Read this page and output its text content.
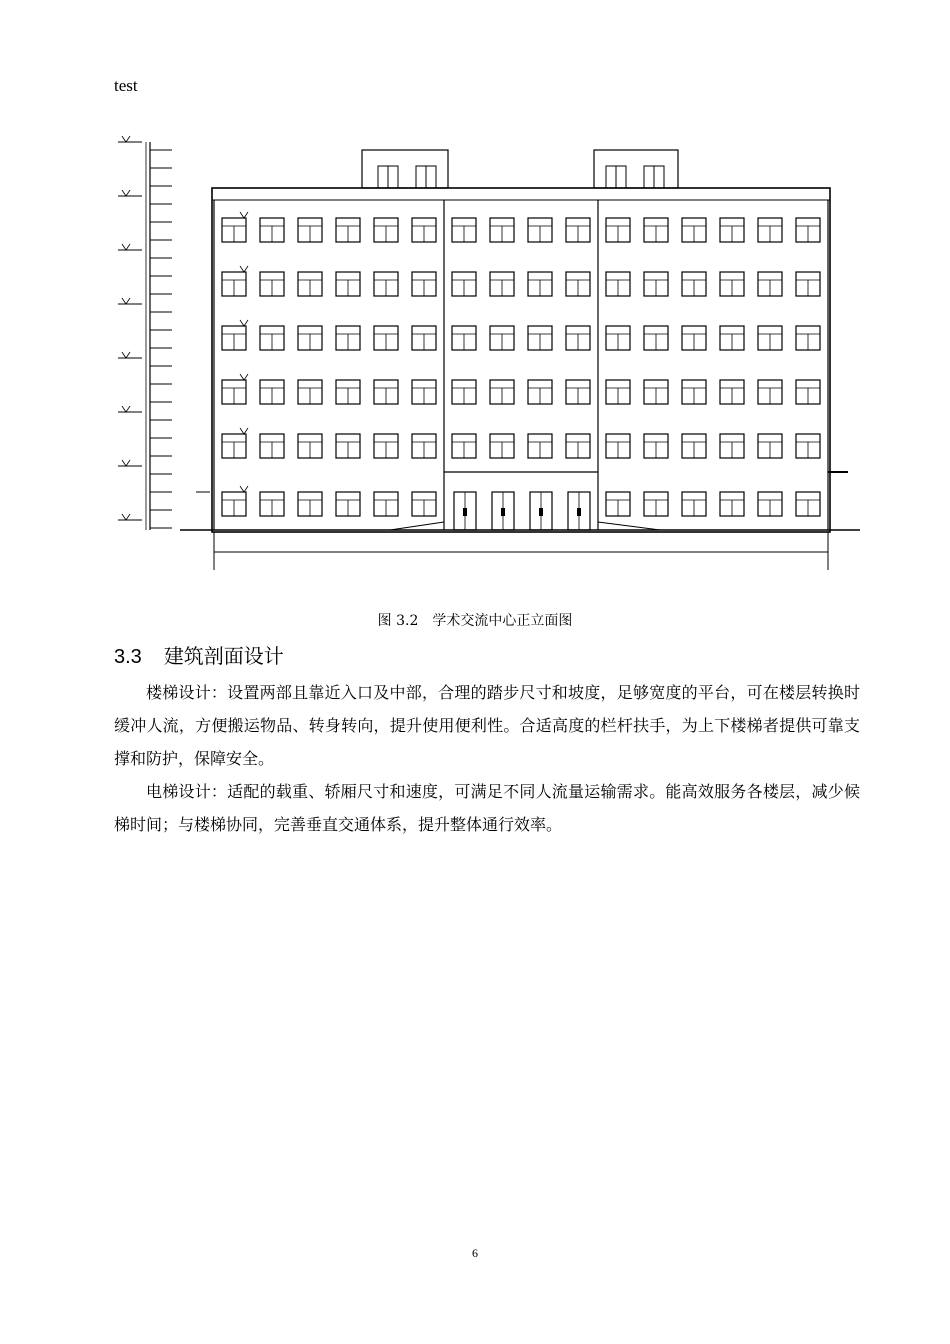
test
图 3.2　学术交流中心正立面图
3.3 建筑剖面设计
楼梯设计：设置两部且靠近入口及中部，合理的踏步尺寸和坡度，足够宽度的平台，可在楼层转换时缓冲人流，方便搬运物品、转身转向，提升使用便利性。合适高度的栏杆扶手，为上下楼梯者提供可靠支撑和防护，保障安全。
电梯设计：适配的载重、轿厢尺寸和速度，可满足不同人流量运输需求。能高效服务各楼层，减少候梯时间；与楼梯协同，完善垂直交通体系，提升整体通行效率。
6
